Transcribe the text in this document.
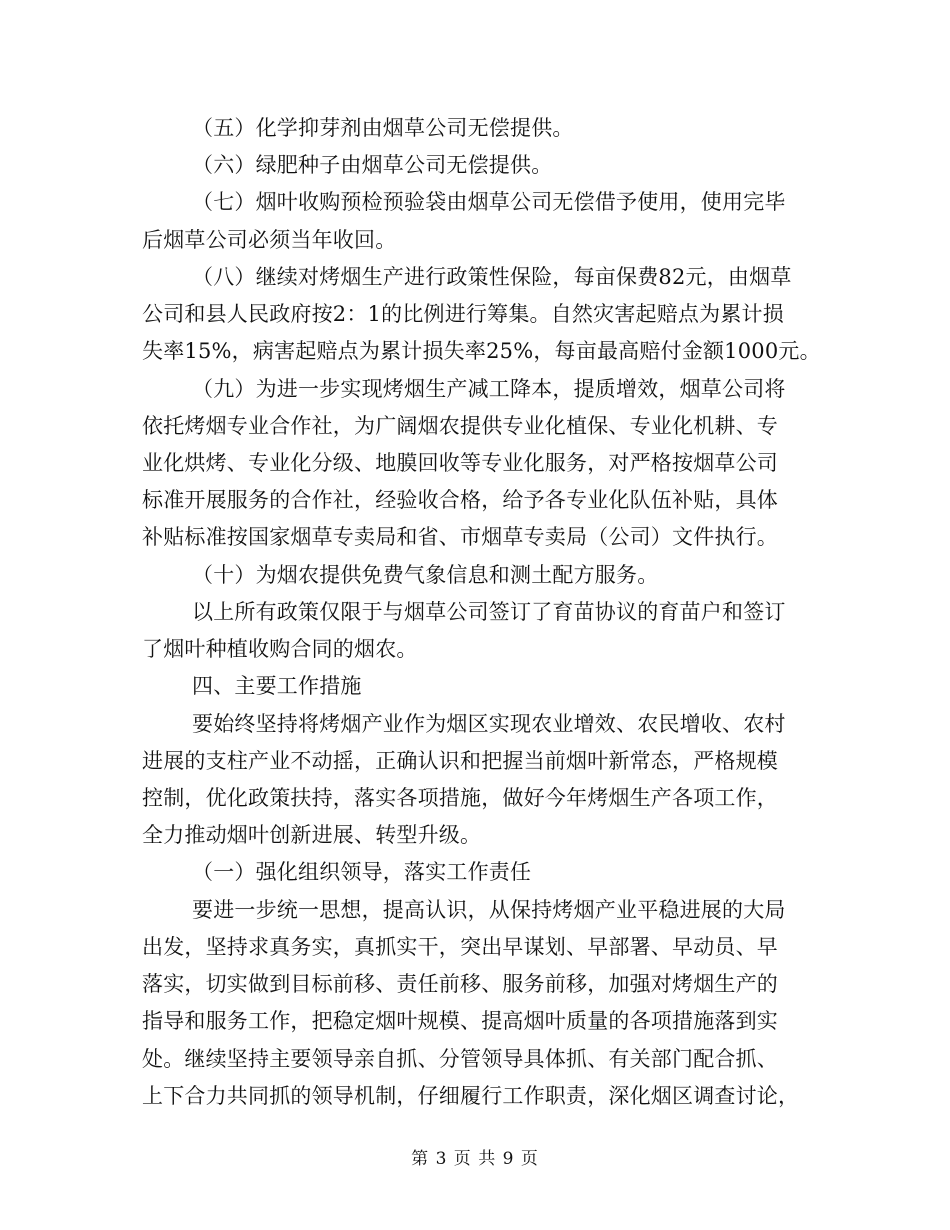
（五）化学抑芽剂由烟草公司无偿提供。
（六）绿肥种子由烟草公司无偿提供。
（七）烟叶收购预检预验袋由烟草公司无偿借予使用，使用完毕
后烟草公司必须当年收回。
（八）继续对烤烟生产进行政策性保险，每亩保费82元，由烟草
公司和县人民政府按2：1的比例进行筹集。自然灾害起赔点为累计损
失率15%，病害起赔点为累计损失率25%，每亩最高赔付金额1000元。
（九）为进一步实现烤烟生产减工降本，提质增效，烟草公司将
依托烤烟专业合作社，为广阔烟农提供专业化植保、专业化机耕、专
业化烘烤、专业化分级、地膜回收等专业化服务，对严格按烟草公司
标准开展服务的合作社，经验收合格，给予各专业化队伍补贴，具体
补贴标准按国家烟草专卖局和省、市烟草专卖局（公司）文件执行。
（十）为烟农提供免费气象信息和测土配方服务。
以上所有政策仅限于与烟草公司签订了育苗协议的育苗户和签订
了烟叶种植收购合同的烟农。
四、主要工作措施
要始终坚持将烤烟产业作为烟区实现农业增效、农民增收、农村
进展的支柱产业不动摇，正确认识和把握当前烟叶新常态，严格规模
控制，优化政策扶持，落实各项措施，做好今年烤烟生产各项工作，
全力推动烟叶创新进展、转型升级。
（一）强化组织领导，落实工作责任
要进一步统一思想，提高认识，从保持烤烟产业平稳进展的大局
出发，坚持求真务实，真抓实干，突出早谋划、早部署、早动员、早
落实，切实做到目标前移、责任前移、服务前移，加强对烤烟生产的
指导和服务工作，把稳定烟叶规模、提高烟叶质量的各项措施落到实
处。继续坚持主要领导亲自抓、分管领导具体抓、有关部门配合抓、
上下合力共同抓的领导机制，仔细履行工作职责，深化烟区调查讨论，
第 3 页 共 9 页
